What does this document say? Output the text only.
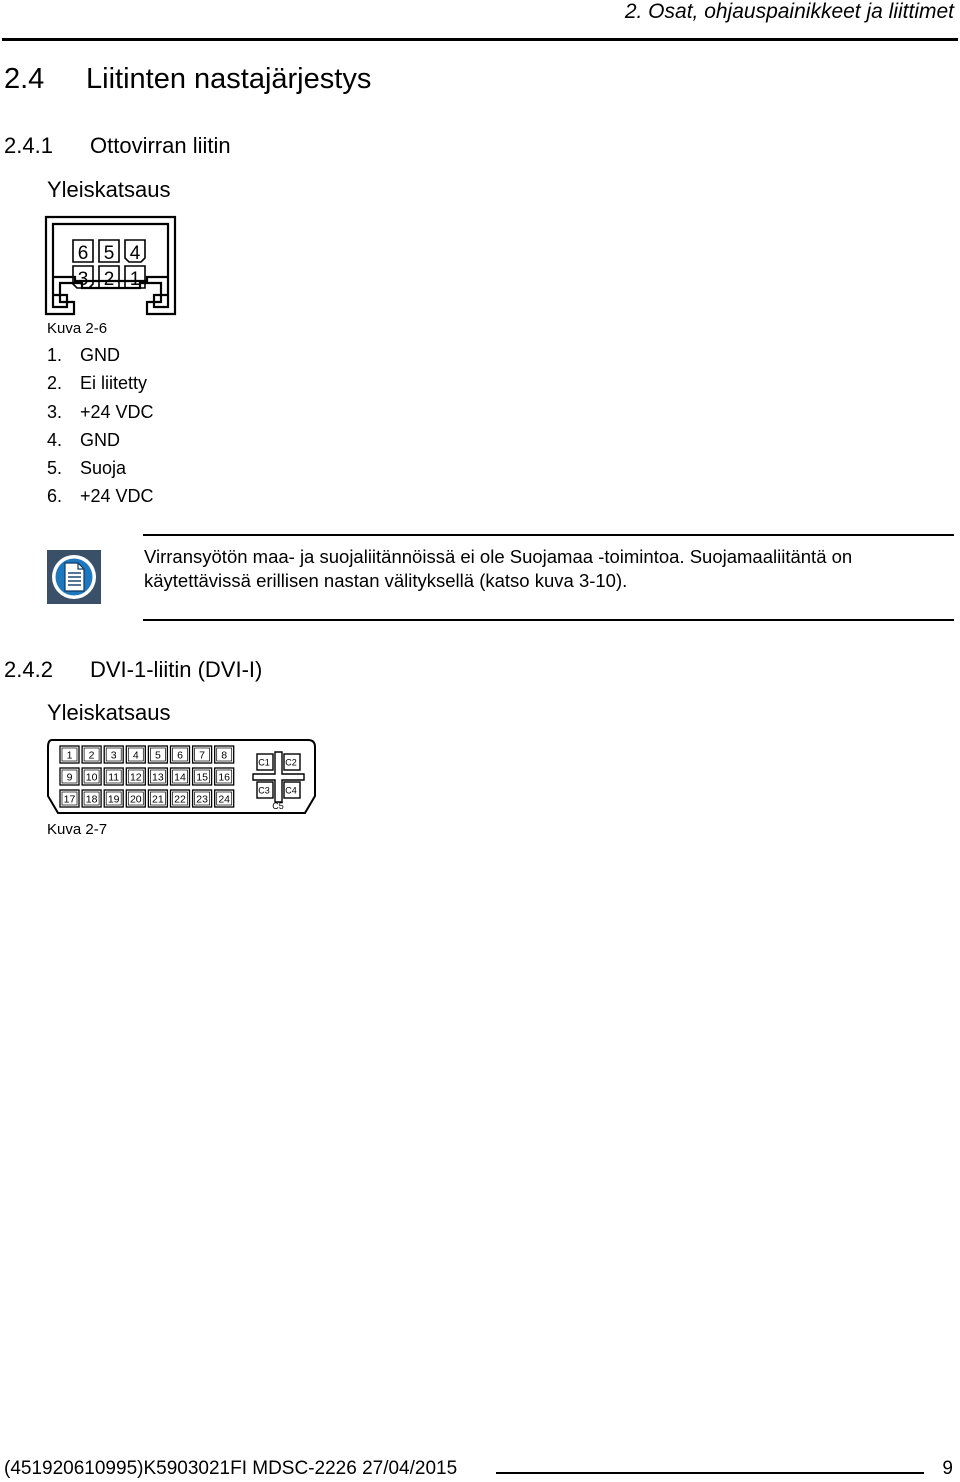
2. Osat, ohjauspainikkeet ja liittimet
2.4 Liitinten nastajärjestys
2.4.1 Ottovirran liitin
Yleiskatsaus
6 5 4
3 2 1
Kuva 2-6
1. GND
2. Ei liitetty
3. +24 VDC
4. GND
5. Suoja
6. +24 VDC
Virransyötön maa- ja suojaliitännöissä ei ole Suojamaa -toimintoa. Suojamaaliitäntä on käytettävissä erillisen nastan välityksellä (katso kuva 3-10).
2.4.2 DVI-1-liitin (DVI-I)
Yleiskatsaus
1 2 3 4 5 6 7 8
9 10 11 12 13 14 15 16
17 18 19 20 21 22 23 24
C1 C2
C3 C4
C5
Kuva 2-7
(451920610995)K5903021FI MDSC-2226 27/04/2015	9
